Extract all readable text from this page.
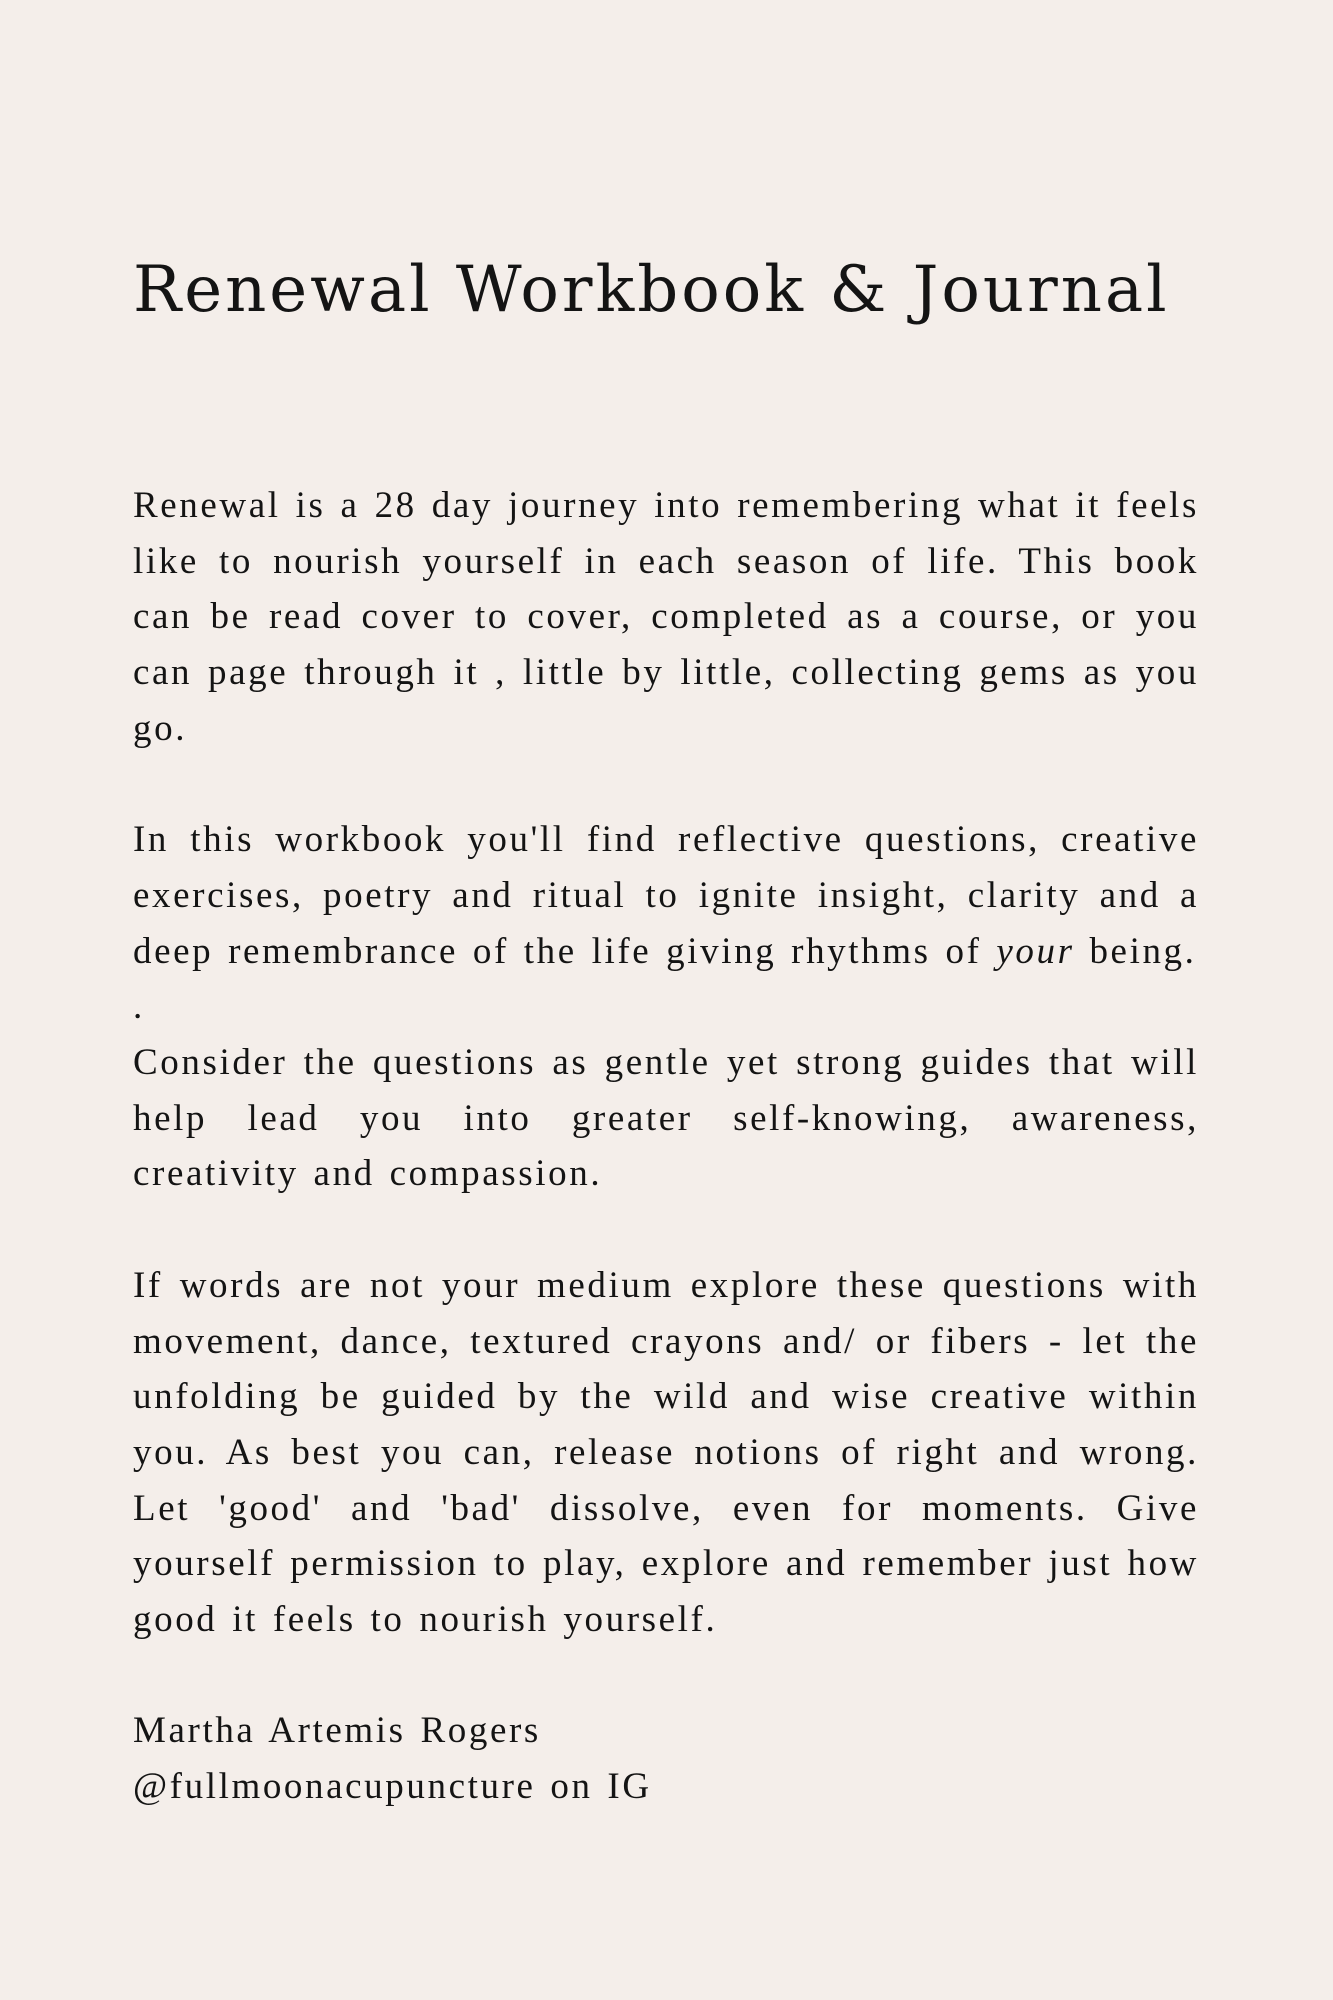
Renewal Workbook & Journal

Renewal is a 28 day journey into remembering what it feels like to nourish yourself in each season of life. This book can be read cover to cover, completed as a course, or you can page through it , little by little, collecting gems as you go.

In this workbook you'll find reflective questions, creative exercises, poetry and ritual to ignite insight, clarity and a deep remembrance of the life giving rhythms of your being.

.

Consider the questions as gentle yet strong guides that will help lead you into greater self-knowing, awareness, creativity and compassion.

If words are not your medium explore these questions with movement, dance, textured crayons and/ or fibers - let the unfolding be guided by the wild and wise creative within you. As best you can, release notions of right and wrong. Let 'good' and 'bad' dissolve, even for moments. Give yourself permission to play, explore and remember just how good it feels to nourish yourself.

Martha Artemis Rogers

@fullmoonacupuncture on IG
